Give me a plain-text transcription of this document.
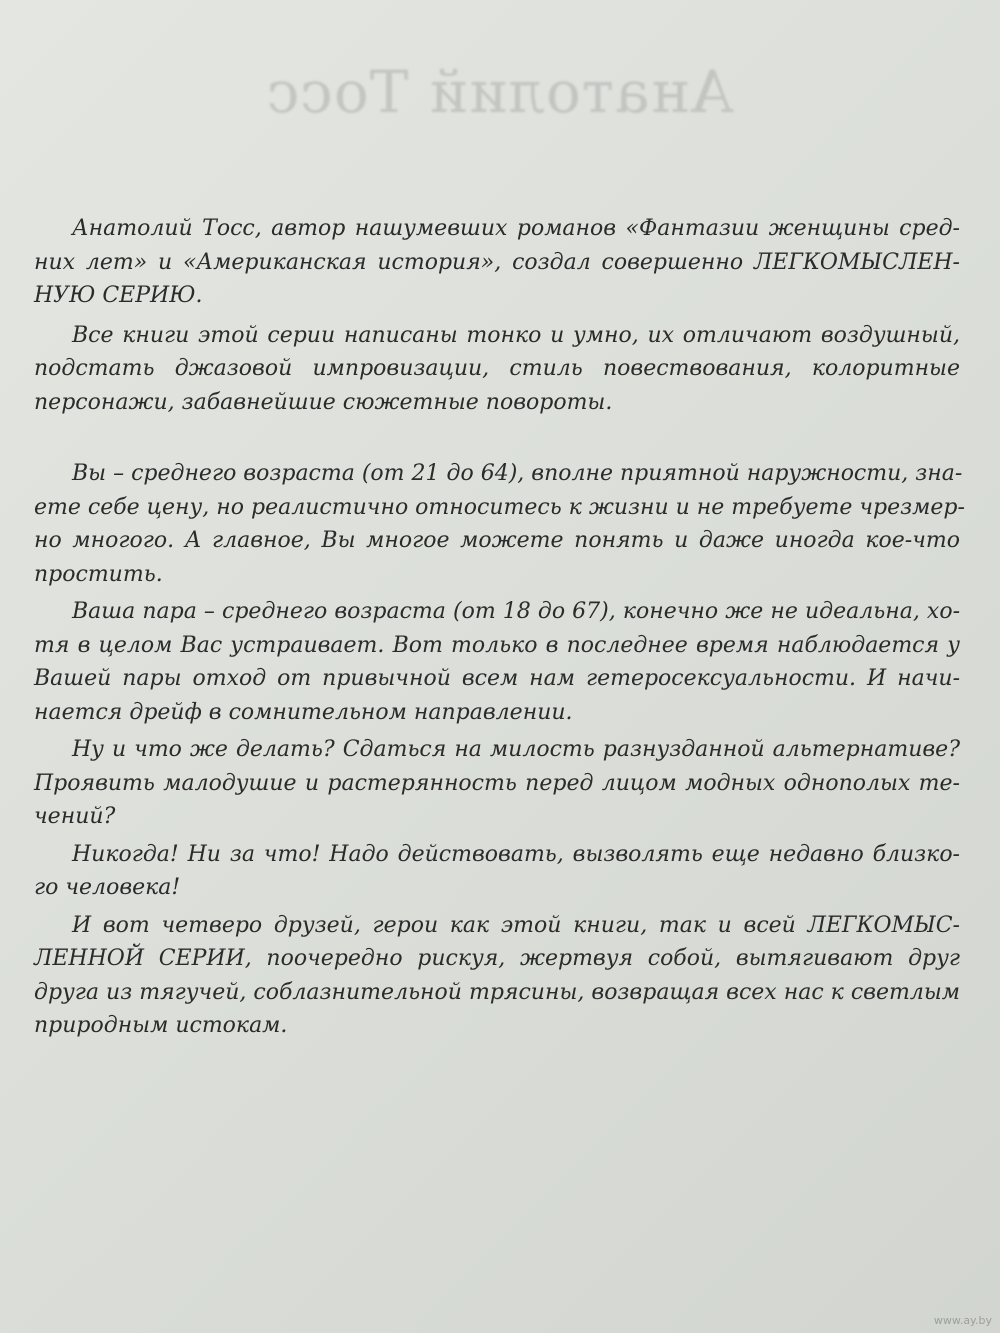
Анатолий Тосс
Анатолий Тосс, автор нашумевших романов «Фантазии женщины сред-
них лет» и «Американская история», создал совершенно ЛЕГКОМЫСЛЕН-
НУЮ СЕРИЮ.
Все книги этой серии написаны тонко и умно, их отличают воздушный,
подстать джазовой импровизации, стиль повествования, колоритные
персонажи, забавнейшие сюжетные повороты.
Вы – среднего возраста (от 21 до 64), вполне приятной наружности, зна-
ете себе цену, но реалистично относитесь к жизни и не требуете чрезмер-
но многого. А главное, Вы многое можете понять и даже иногда кое-что
простить.
Ваша пара – среднего возраста (от 18 до 67), конечно же не идеальна, хо-
тя в целом Вас устраивает. Вот только в последнее время наблюдается у
Вашей пары отход от привычной всем нам гетеросексуальности. И начи-
нается дрейф в сомнительном направлении.
Ну и что же делать? Сдаться на милость разнузданной альтернативе?
Проявить малодушие и растерянность перед лицом модных однополых те-
чений?
Никогда! Ни за что! Надо действовать, вызволять еще недавно близко-
го человека!
И вот четверо друзей, герои как этой книги, так и всей ЛЕГКОМЫС-
ЛЕННОЙ СЕРИИ, поочередно рискуя, жертвуя собой, вытягивают друг
друга из тягучей, соблазнительной трясины, возвращая всех нас к светлым
природным истокам.
www.ay.by
